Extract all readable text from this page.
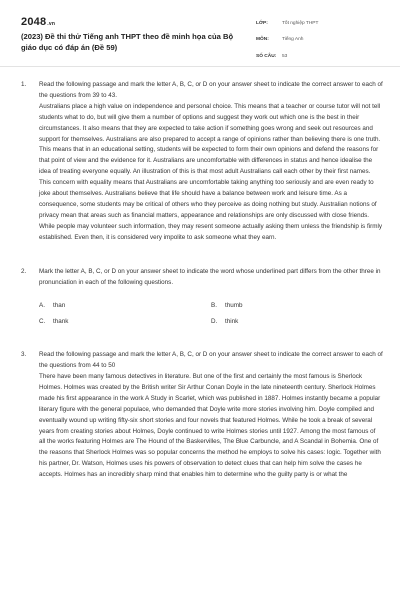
2048.vn
(2023) Đề thi thử Tiếng anh THPT theo đề minh họa của Bộ giáo dục có đáp án (Đề 59)
LỚP:	Tốt nghiệp THPT
MÔN:	Tiếng Anh
SỐ CÂU:	53
1. Read the following passage and mark the letter A, B, C, or D on your answer sheet to indicate the correct answer to each of the questions from 39 to 43.

Australians place a high value on independence and personal choice. This means that a teacher or course tutor will not tell students what to do, but will give them a number of options and suggest they work out which one is the best in their circumstances. It also means that they are expected to take action if something goes wrong and seek out resources and support for themselves. Australians are also prepared to accept a range of opinions rather than believing there is one truth. This means that in an educational setting, students will be expected to form their own opinions and defend the reasons for that point of view and the evidence for it. Australians are uncomfortable with differences in status and hence idealise the idea of treating everyone equally. An illustration of this is that most adult Australians call each other by their first names. This concern with equality means that Australians are uncomfortable taking anything too seriously and are even ready to joke about themselves. Australians believe that life should have a balance between work and leisure time. As a consequence, some students may be critical of others who they perceive as doing nothing but study. Australian notions of privacy mean that areas such as financial matters, appearance and relationships are only discussed with close friends. While people may volunteer such information, they may resent someone actually asking them unless the friendship is firmly established. Even then, it is considered very impolite to ask someone what they earn.

2. Mark the letter A, B, C, or D on your answer sheet to indicate the word whose underlined part differs from the other three in pronunciation in each of the following questions.

A. than	B. thumb
C. thank	D. think
3. Read the following passage and mark the letter A, B, C, or D on your answer sheet to indicate the correct answer to each of the questions from 44 to 50

There have been many famous detectives in literature. But one of the first and certainly the most famous is Sherlock Holmes. Holmes was created by the British writer Sir Arthur Conan Doyle in the late nineteenth century. Sherlock Holmes made his first appearance in the work A Study in Scarlet, which was published in 1887. Holmes instantly became a popular literary figure with the general populace, who demanded that Doyle write more stories involving him. Doyle compiled and eventually wound up writing fifty-six short stories and four novels that featured Holmes. While he took a break of several years from creating stories about Holmes, Doyle continued to write Holmes stories until 1927. Among the most famous of all the works featuring Holmes are The Hound of the Baskervilles, The Blue Carbuncle, and A Scandal in Bohemia. One of the reasons that Sherlock Holmes was so popular concerns the method he employs to solve his cases: logic. Together with his partner, Dr. Watson, Holmes uses his powers of observation to detect clues that can help him solve the cases he accepts. Holmes has an incredibly sharp mind that enables him to determine who the guilty party is or what the
